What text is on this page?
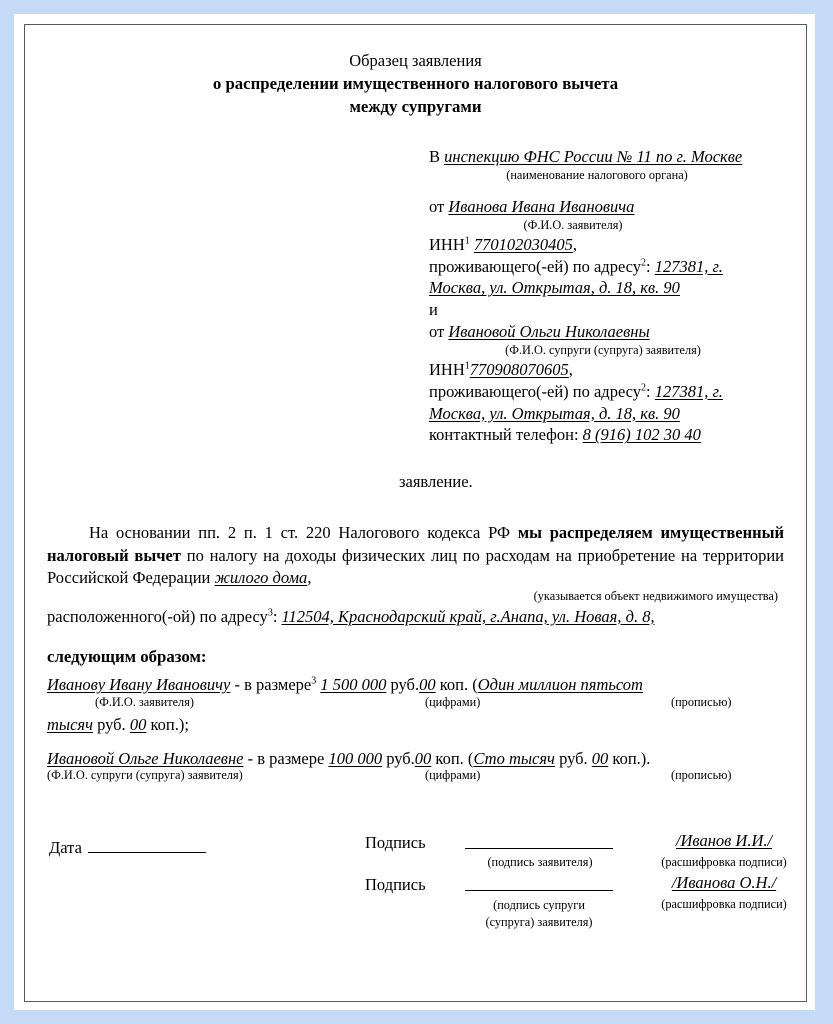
Образец заявления
о распределении имущественного налогового вычета
между супругами
В инспекцию ФНС России № 11 по г. Москве
(наименование налогового органа)
от Иванова Ивана Ивановича
(Ф.И.О. заявителя)
ИНН$^1$ 770102030405,
проживающего(-ей) по адресу$^2$: 127381, г.
Москва, ул. Открытая, д. 18, кв. 90
и
от Ивановой Ольги Николаевны
(Ф.И.О. супруги (супруга) заявителя)
ИНН$^1$770908070605,
проживающего(-ей) по адресу$^2$: 127381, г.
Москва, ул. Открытая, д. 18, кв. 90
контактный телефон: 8 (916) 102 30 40
заявление.
На основании пп. 2 п. 1 ст. 220 Налогового кодекса РФ мы распределяем имущественный налоговый вычет по налогу на доходы физических лиц по расходам на приобретение на территории Российской Федерации жилого дома,
(указывается объект недвижимого имущества)
расположенного(-ой) по адресу$^3$: 112504, Краснодарский край, г.Анапа, ул. Новая, д. 8,
следующим образом:
Иванову Ивану Ивановичу - в размере$^3$ 1 500 000 руб.00 коп. (Один миллион пятьсот
(Ф.И.О. заявителя)	(цифрами)	(прописью)
тысяч руб. 00 коп.);
Ивановой Ольге Николаевне - в размере 100 000 руб.00 коп. (Сто тысяч руб. 00 коп.).
(Ф.И.О. супруги (супруга) заявителя)	(цифрами)	(прописью)
Дата	Подпись	/Иванов И.И./
(подпись заявителя)	(расшифровка подписи)
Подпись	/Иванова О.Н./
(подпись супруги
(супруга) заявителя)
(расшифровка подписи)
